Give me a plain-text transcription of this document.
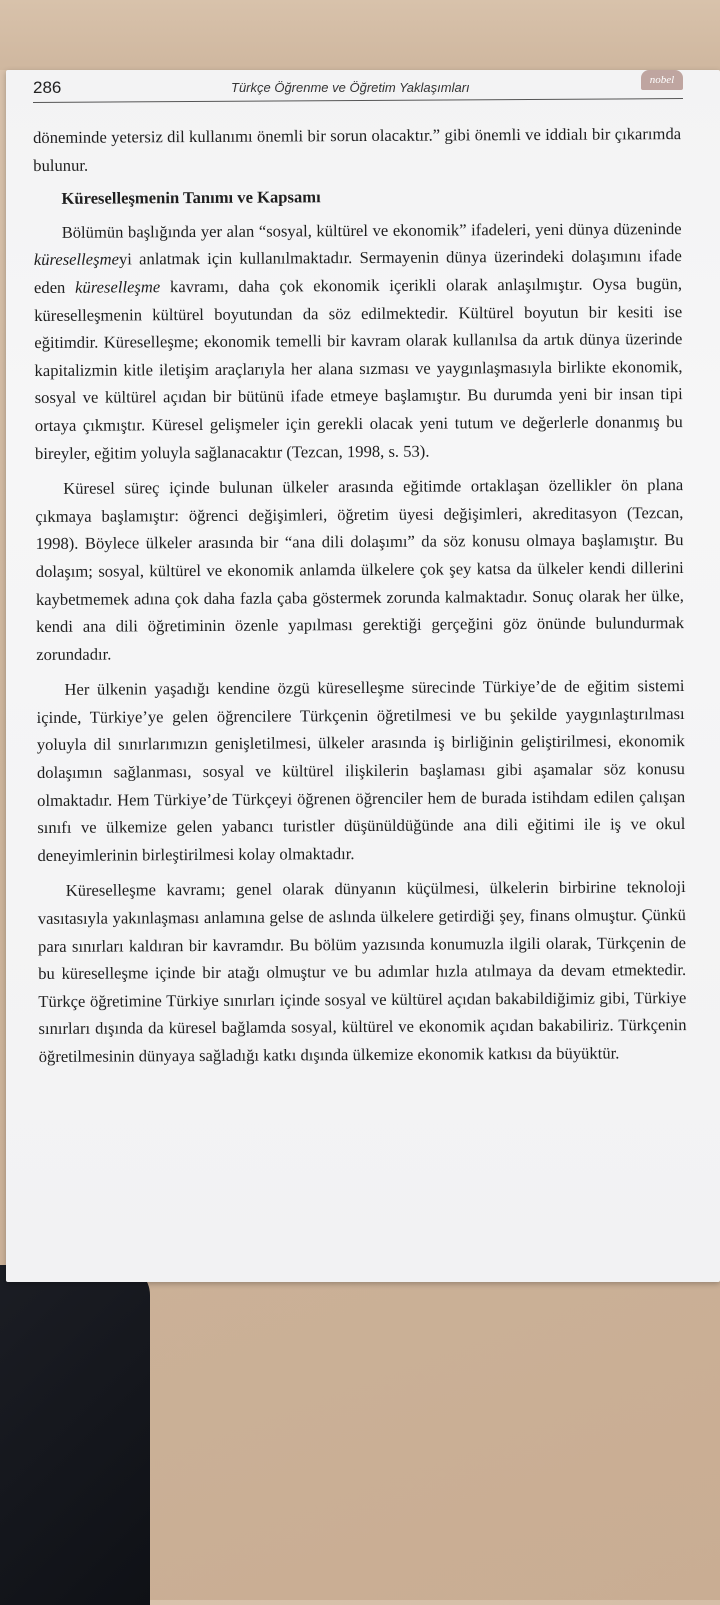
286	Türkçe Öğrenme ve Öğretim Yaklaşımları	nobel

döneminde yetersiz dil kullanımı önemli bir sorun olacaktır.” gibi önemli ve iddialı bir çıkarımda bulunur.

Küreselleşmenin Tanımı ve Kapsamı

Bölümün başlığında yer alan “sosyal, kültürel ve ekonomik” ifadeleri, yeni dünya düzeninde küreselleşmeyi anlatmak için kullanılmaktadır. Sermayenin dünya üzerindeki dolaşımını ifade eden küreselleşme kavramı, daha çok ekonomik içerikli olarak anlaşılmıştır. Oysa bugün, küreselleşmenin kültürel boyutundan da söz edilmektedir. Kültürel boyutun bir kesiti ise eğitimdir. Küreselleşme; ekonomik temelli bir kavram olarak kullanılsa da artık dünya üzerinde kapitalizmin kitle iletişim araçlarıyla her alana sızması ve yaygınlaşmasıyla birlikte ekonomik, sosyal ve kültürel açıdan bir bütünü ifade etmeye başlamıştır. Bu durumda yeni bir insan tipi ortaya çıkmıştır. Küresel gelişmeler için gerekli olacak yeni tutum ve değerlerle donanmış bu bireyler, eğitim yoluyla sağlanacaktır (Tezcan, 1998, s. 53).

Küresel süreç içinde bulunan ülkeler arasında eğitimde ortaklaşan özellikler ön plana çıkmaya başlamıştır: öğrenci değişimleri, öğretim üyesi değişimleri, akreditasyon (Tezcan, 1998). Böylece ülkeler arasında bir “ana dili dolaşımı” da söz konusu olmaya başlamıştır. Bu dolaşım; sosyal, kültürel ve ekonomik anlamda ülkelere çok şey katsa da ülkeler kendi dillerini kaybetmemek adına çok daha fazla çaba göstermek zorunda kalmaktadır. Sonuç olarak her ülke, kendi ana dili öğretiminin özenle yapılması gerektiği gerçeğini göz önünde bulundurmak zorundadır.

Her ülkenin yaşadığı kendine özgü küreselleşme sürecinde Türkiye’de de eğitim sistemi içinde, Türkiye’ye gelen öğrencilere Türkçenin öğretilmesi ve bu şekilde yaygınlaştırılması yoluyla dil sınırlarımızın genişletilmesi, ülkeler arasında iş birliğinin geliştirilmesi, ekonomik dolaşımın sağlanması, sosyal ve kültürel ilişkilerin başlaması gibi aşamalar söz konusu olmaktadır. Hem Türkiye’de Türkçeyi öğrenen öğrenciler hem de burada istihdam edilen çalışan sınıfı ve ülkemize gelen yabancı turistler düşünüldüğünde ana dili eğitimi ile iş ve okul deneyimlerinin birleştirilmesi kolay olmaktadır.

Küreselleşme kavramı; genel olarak dünyanın küçülmesi, ülkelerin birbirine teknoloji vasıtasıyla yakınlaşması anlamına gelse de aslında ülkelere getirdiği şey, finans olmuştur. Çünkü para sınırları kaldıran bir kavramdır. Bu bölüm yazısında konumuzla ilgili olarak, Türkçenin de bu küreselleşme içinde bir atağı olmuştur ve bu adımlar hızla atılmaya da devam etmektedir. Türkçe öğretimine Türkiye sınırları içinde sosyal ve kültürel açıdan bakabildiğimiz gibi, Türkiye sınırları dışında da küresel bağlamda sosyal, kültürel ve ekonomik açıdan bakabiliriz. Türkçenin öğretilmesinin dünyaya sağladığı katkı dışında ülkemize ekonomik katkısı da büyüktür.
